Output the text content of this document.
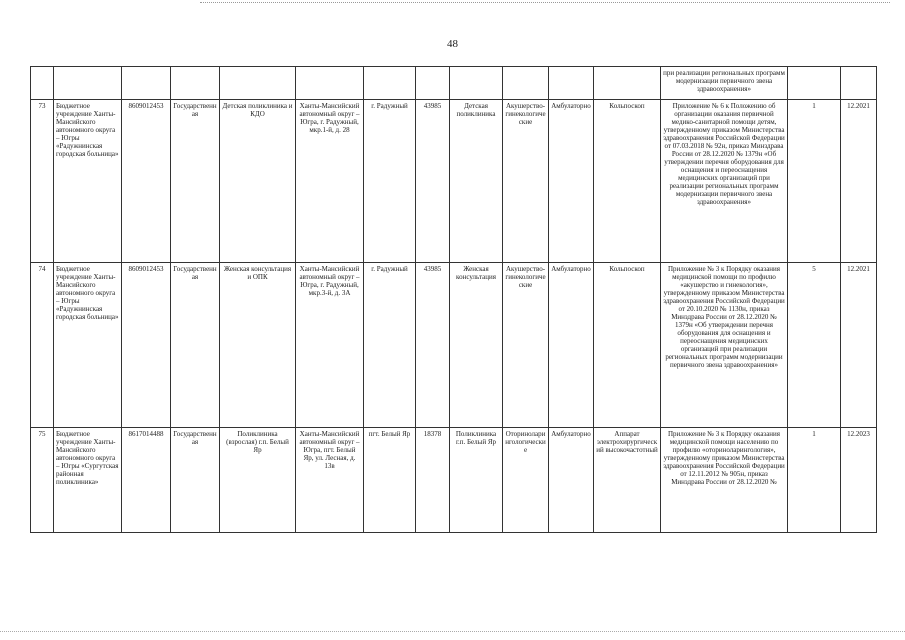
48

												при реализации региональных программ модернизации первичного звена здравоохранения»		

73	Бюджетное учреждение Ханты-Мансийского автономного округа – Югры «Радужнинская городская больница»	8609012453	Государственная	Детская поликлиника и КДО	Ханты-Мансийский автономный округ – Югра, г. Радужный, мкр.1-й, д. 28	г. Радужный	43985	Детская поликлиника	Акушерство-гинекологические	Амбулаторно	Кольпоскоп	Приложение № 6 к Положению об организации оказания первичной медико-санитарной помощи детям, утвержденному приказом Министерства здравоохранения Российской Федерации от 07.03.2018 № 92н, приказ Минздрава России от 28.12.2020 № 1379н «Об утверждении перечня оборудования для оснащения и переоснащения медицинских организаций при реализации региональных программ модернизации первичного звена здравоохранения»	1	12.2021
74	Бюджетное учреждение Ханты-Мансийского автономного округа – Югры «Радужнинская городская больница»	8609012453	Государственная	Женская консультация и ОПК	Ханты-Мансийский автономный округ – Югра, г. Радужный, мкр.3-й, д. 3А	г. Радужный	43985	Женская консультация	Акушерство-гинекологические	Амбулаторно	Кольпоскоп	Приложение № 3 к Порядку оказания медицинской помощи по профилю «акушерство и гинекология», утвержденному приказом Министерства здравоохранения Российской Федерации от 20.10.2020 № 1130н, приказ Минздрава России от 28.12.2020 № 1379н «Об утверждении перечня оборудования для оснащения и переоснащения медицинских организаций при реализации региональных программ модернизации первичного звена здравоохранения»	5	12.2021
75	Бюджетное учреждение Ханты-Мансийского автономного округа – Югры «Сургутская районная поликлиника»	8617014488	Государственная	Поликлиника (взрослая) г.п. Белый Яр	Ханты-Мансийский автономный округ – Югра, пгт. Белый Яр, ул. Лесная, д. 13в	пгт. Белый Яр	18378	Поликлиника г.п. Белый Яр	Оториноларингологические	Амбулаторно	Аппарат электрохирургический высокочастотный	Приложение № 3 к Порядку оказания медицинской помощи населению по профилю «оториноларингология», утвержденному приказом Министерства здравоохранения Российской Федерации от 12.11.2012 № 905н, приказ Минздрава России от 28.12.2020 №	1	12.2023
